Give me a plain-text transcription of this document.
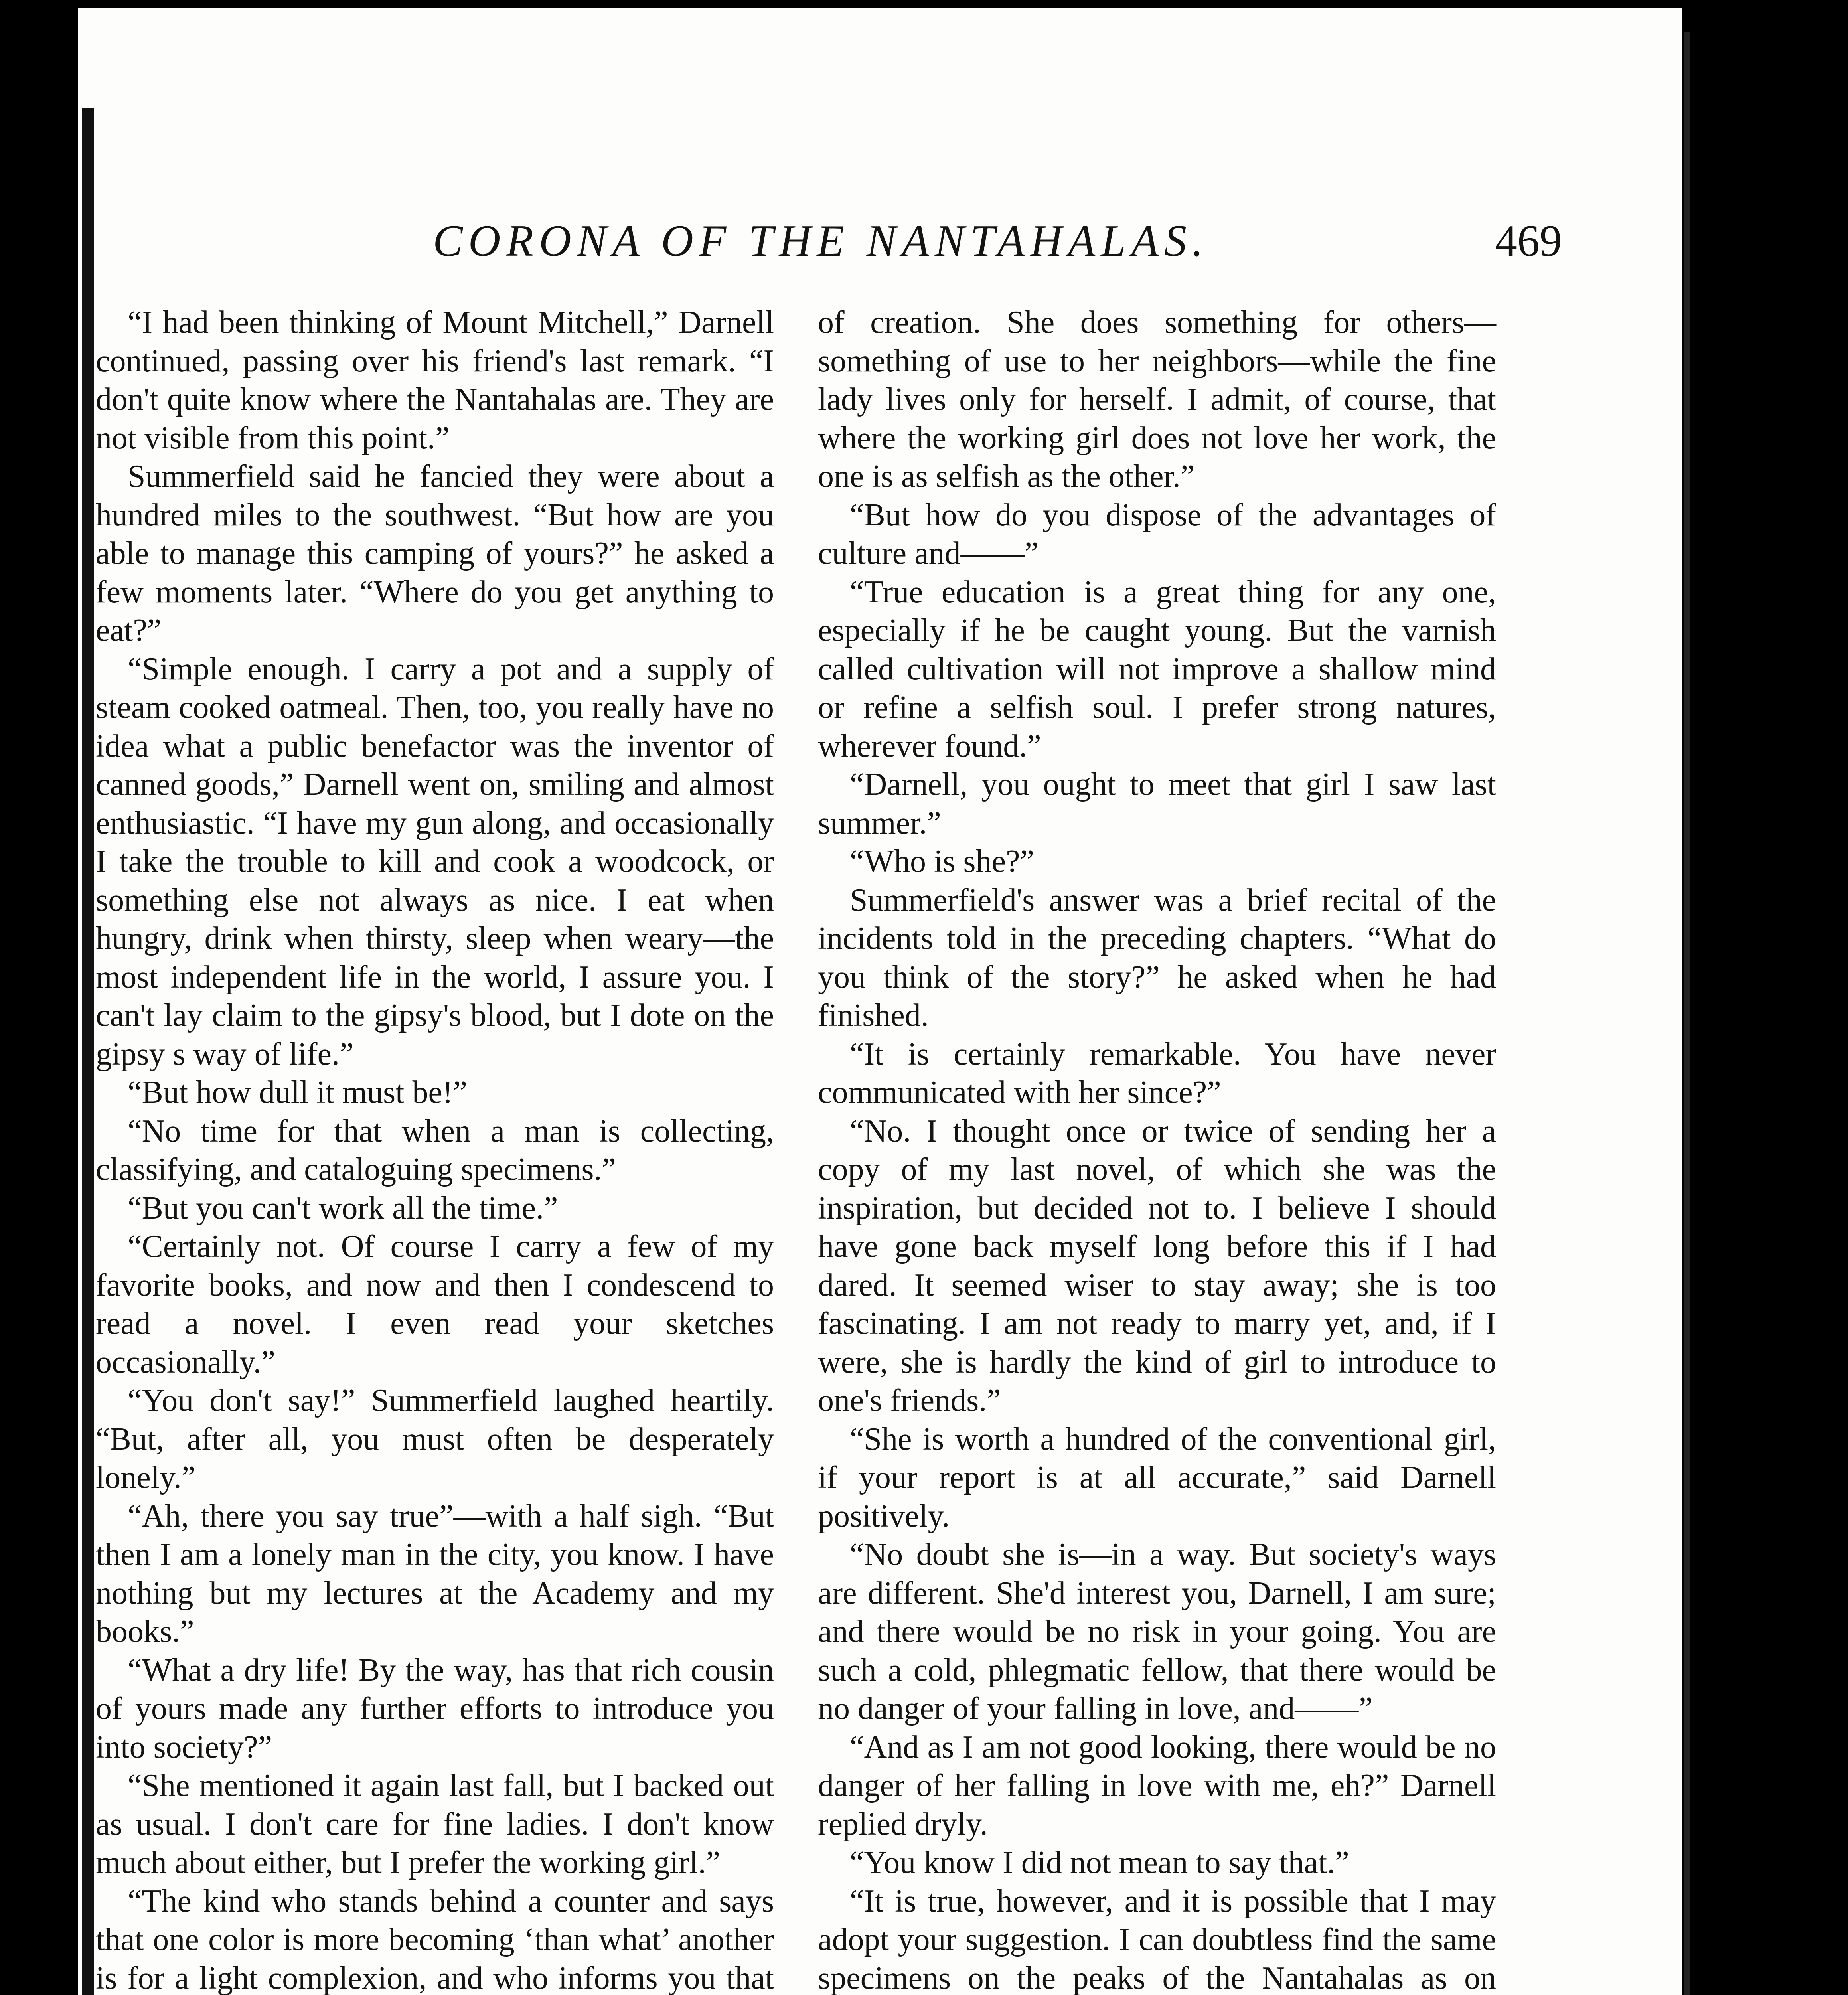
CORONA OF THE NANTAHALAS.	469

“I had been thinking of Mount Mitchell,” Darnell continued, passing over his friend's last remark. “I don't quite know where the Nantahalas are. They are not visible from this point.”

Summerfield said he fancied they were about a hundred miles to the southwest. “But how are you able to manage this camping of yours?” he asked a few moments later. “Where do you get anything to eat?”

“Simple enough. I carry a pot and a supply of steam cooked oatmeal. Then, too, you really have no idea what a public benefactor was the inventor of canned goods,” Darnell went on, smiling and almost enthusiastic. “I have my gun along, and occasionally I take the trouble to kill and cook a woodcock, or something else not always as nice. I eat when hungry, drink when thirsty, sleep when weary—the most independent life in the world, I assure you. I can't lay claim to the gipsy's blood, but I dote on the gipsy s way of life.”

“But how dull it must be!”

“No time for that when a man is collecting, classifying, and cataloguing specimens.”

“But you can't work all the time.”

“Certainly not. Of course I carry a few of my favorite books, and now and then I condescend to read a novel. I even read your sketches occasionally.”

“You don't say!” Summerfield laughed heartily. “But, after all, you must often be desperately lonely.”

“Ah, there you say true”—with a half sigh. “But then I am a lonely man in the city, you know. I have nothing but my lectures at the Academy and my books.”

“What a dry life! By the way, has that rich cousin of yours made any further efforts to introduce you into society?”

“She mentioned it again last fall, but I backed out as usual. I don't care for fine ladies. I don't know much about either, but I prefer the working girl.”

“The kind who stands behind a counter and says that one color is more becoming ‘than what’ another is for a light complexion, and who informs you that

of creation. She does something for others—something of use to her neighbors—while the fine lady lives only for herself. I admit, of course, that where the working girl does not love her work, the one is as selfish as the other.”

“But how do you dispose of the advantages of culture and——”

“True education is a great thing for any one, especially if he be caught young. But the varnish called cultivation will not improve a shallow mind or refine a selfish soul. I prefer strong natures, wherever found.”

“Darnell, you ought to meet that girl I saw last summer.”

“Who is she?”

Summerfield's answer was a brief recital of the incidents told in the preceding chapters. “What do you think of the story?” he asked when he had finished.

“It is certainly remarkable. You have never communicated with her since?”

“No. I thought once or twice of sending her a copy of my last novel, of which she was the inspiration, but decided not to. I believe I should have gone back myself long before this if I had dared. It seemed wiser to stay away; she is too fascinating. I am not ready to marry yet, and, if I were, she is hardly the kind of girl to introduce to one's friends.”

“She is worth a hundred of the conventional girl, if your report is at all accurate,” said Darnell positively.

“No doubt she is—in a way. But society's ways are different. She'd interest you, Darnell, I am sure; and there would be no risk in your going. You are such a cold, phlegmatic fellow, that there would be no danger of your falling in love, and——”

“And as I am not good looking, there would be no danger of her falling in love with me, eh?” Darnell replied dryly.

“You know I did not mean to say that.”

“It is true, however, and it is possible that I may adopt your suggestion. I can doubtless find the same specimens on the peaks of the Nantahalas as on
